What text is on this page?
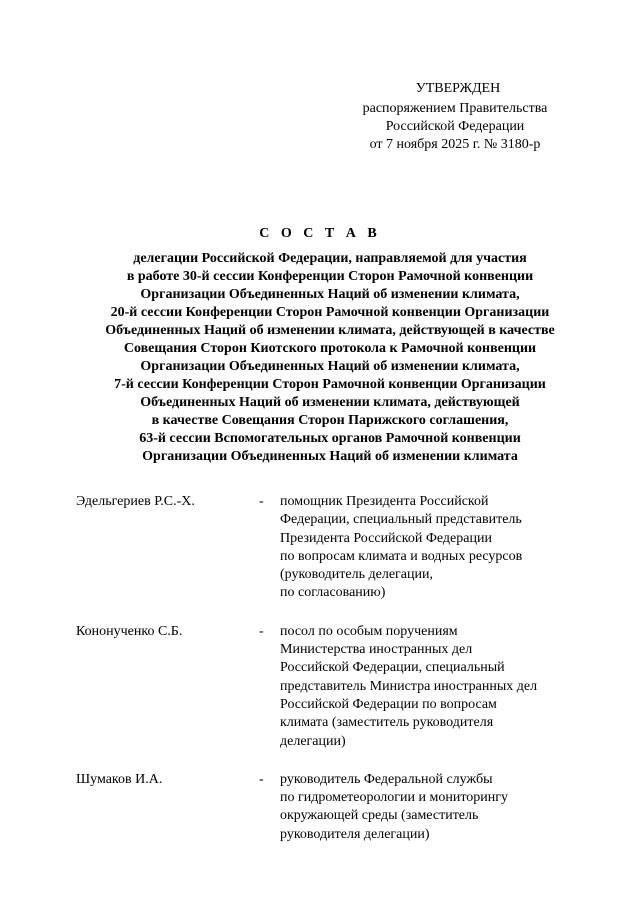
УТВЕРЖДЕН
распоряжением Правительства
Российской Федерации
от 7 ноября 2025 г. № 3180-р
С О С Т А В
делегации Российской Федерации, направляемой для участия
в работе 30-й сессии Конференции Сторон Рамочной конвенции
Организации Объединенных Наций об изменении климата,
20-й сессии Конференции Сторон Рамочной конвенции Организации
Объединенных Наций об изменении климата, действующей в качестве
Совещания Сторон Киотского протокола к Рамочной конвенции
Организации Объединенных Наций об изменении климата,
7-й сессии Конференции Сторон Рамочной конвенции Организации
Объединенных Наций об изменении климата, действующей
в качестве Совещания Сторон Парижского соглашения,
63-й сессии Вспомогательных органов Рамочной конвенции
Организации Объединенных Наций об изменении климата
Эдельгериев Р.С.-Х.	- помощник Президента Российской
Федерации, специальный представитель
Президента Российской Федерации
по вопросам климата и водных ресурсов
(руководитель делегации,
по согласованию)
Кононученко С.Б.	- посол по особым поручениям
Министерства иностранных дел
Российской Федерации, специальный
представитель Министра иностранных дел
Российской Федерации по вопросам
климата (заместитель руководителя
делегации)
Шумаков И.А.	- руководитель Федеральной службы
по гидрометеорологии и мониторингу
окружающей среды (заместитель
руководителя делегации)
